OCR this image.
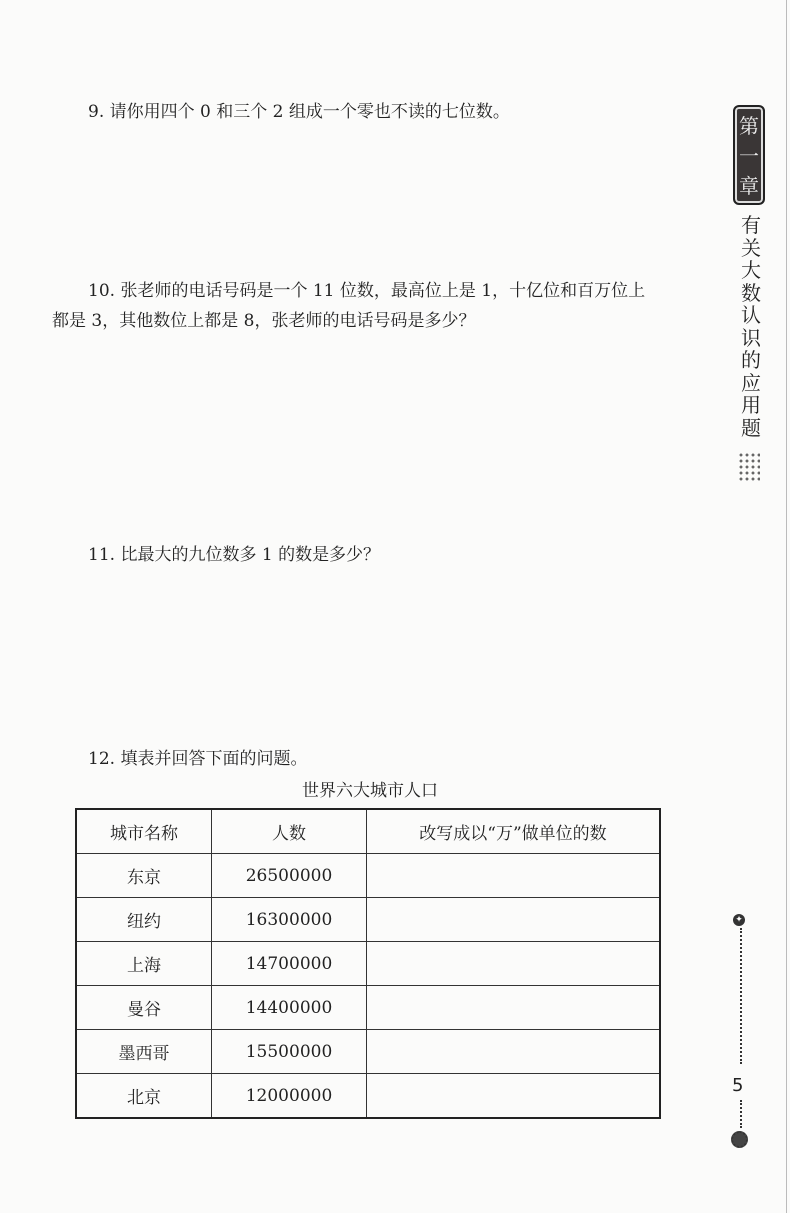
9. 请你用四个 0 和三个 2 组成一个零也不读的七位数。
10. 张老师的电话号码是一个 11 位数，最高位上是 1，十亿位和百万位上
都是 3，其他数位上都是 8，张老师的电话号码是多少？
11. 比最大的九位数多 1 的数是多少？
12. 填表并回答下面的问题。
世界六大城市人口
城市名称	人数	改写成以“万”做单位的数
东京	26500000	
纽约	16300000	
上海	14700000	
曼谷	14400000	
墨西哥	15500000	
北京	12000000	
第
一
章
有
关
大
数
认
识
的
应
用
题
✦
5
